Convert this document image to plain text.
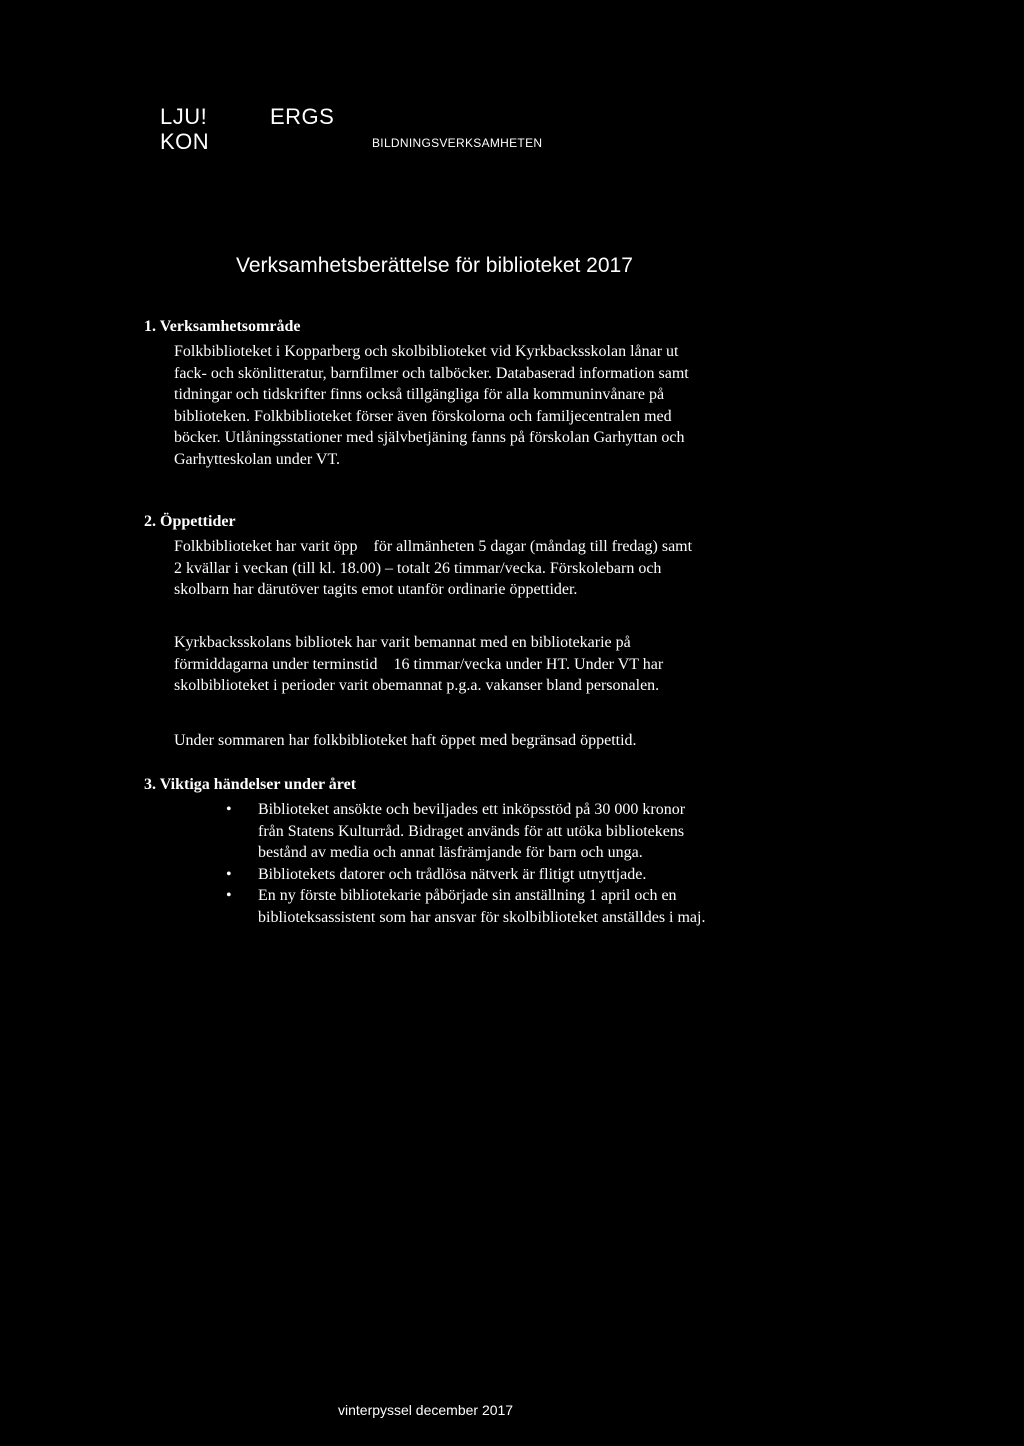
LJU!	ERGS
KON	BILDNINGSVERKSAMHETEN
Verksamhetsberättelse för biblioteket 2017
1. Verksamhetsområde
Folkbiblioteket i Kopparberg och skolbiblioteket vid Kyrkbacksskolan lånar ut
fack- och skönlitteratur, barnfilmer och talböcker. Databaserad information samt
tidningar och tidskrifter finns också tillgängliga för alla kommuninvånare på
biblioteken. Folkbiblioteket förser även förskolorna och familjecentralen med
böcker. Utlåningsstationer med självbetjäning fanns på förskolan Garhyttan och
Garhytteskolan under VT.
2. Öppettider
Folkbiblioteket har varit öpp    för allmänheten 5 dagar (måndag till fredag) samt
2 kvällar i veckan (till kl. 18.00) – totalt 26 timmar/vecka. Förskolebarn och
skolbarn har därutöver tagits emot utanför ordinarie öppettider.
Kyrkbacksskolans bibliotek har varit bemannat med en bibliotekarie på
förmiddagarna under terminstid    16 timmar/vecka under HT. Under VT har
skolbiblioteket i perioder varit obemannat p.g.a. vakanser bland personalen.
Under sommaren har folkbiblioteket haft öppet med begränsad öppettid.
3. Viktiga händelser under året
• Biblioteket ansökte och beviljades ett inköpsstöd på 30 000 kronor
från Statens Kulturråd. Bidraget används för att utöka bibliotekens
bestånd av media och annat läsfrämjande för barn och unga.
• Bibliotekets datorer och trådlösa nätverk är flitigt utnyttjade.
• En ny förste bibliotekarie påbörjade sin anställning 1 april och en
biblioteksassistent som har ansvar för skolbiblioteket anställdes i maj.
vinterpyssel december 2017
